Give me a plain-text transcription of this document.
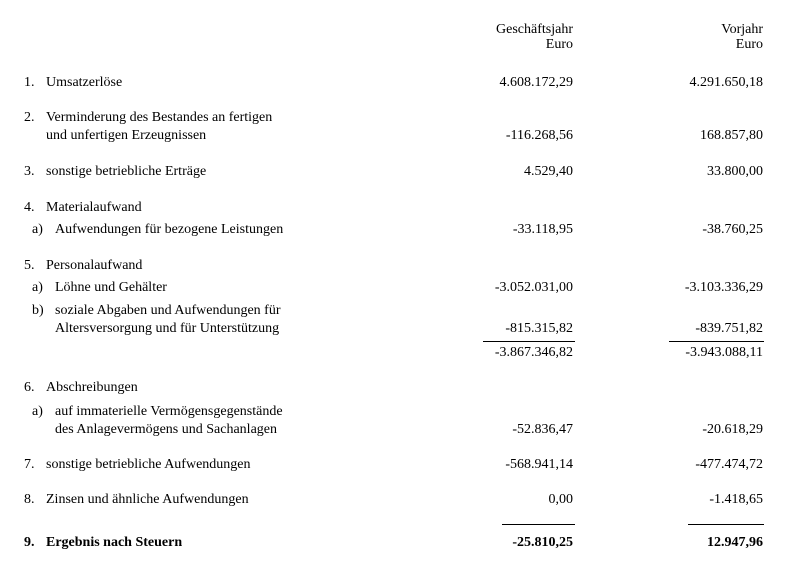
Geschäftsjahr
Euro
Vorjahr
Euro
1. Umsatzerlöse	4.608.172,29	4.291.650,18
2. Verminderung des Bestandes an fertigen
und unfertigen Erzeugnissen	-116.268,56	168.857,80
3. sonstige betriebliche Erträge	4.529,40	33.800,00
4. Materialaufwand
a) Aufwendungen für bezogene Leistungen	-33.118,95	-38.760,25
5. Personalaufwand
a) Löhne und Gehälter	-3.052.031,00	-3.103.336,29
b) soziale Abgaben und Aufwendungen für
Altersversorgung und für Unterstützung	-815.315,82	-839.751,82
-3.867.346,82	-3.943.088,11
6. Abschreibungen
a) auf immaterielle Vermögensgegenstände
des Anlagevermögens und Sachanlagen	-52.836,47	-20.618,29
7. sonstige betriebliche Aufwendungen	-568.941,14	-477.474,72
8. Zinsen und ähnliche Aufwendungen	0,00	-1.418,65
9. Ergebnis nach Steuern	-25.810,25	12.947,96
